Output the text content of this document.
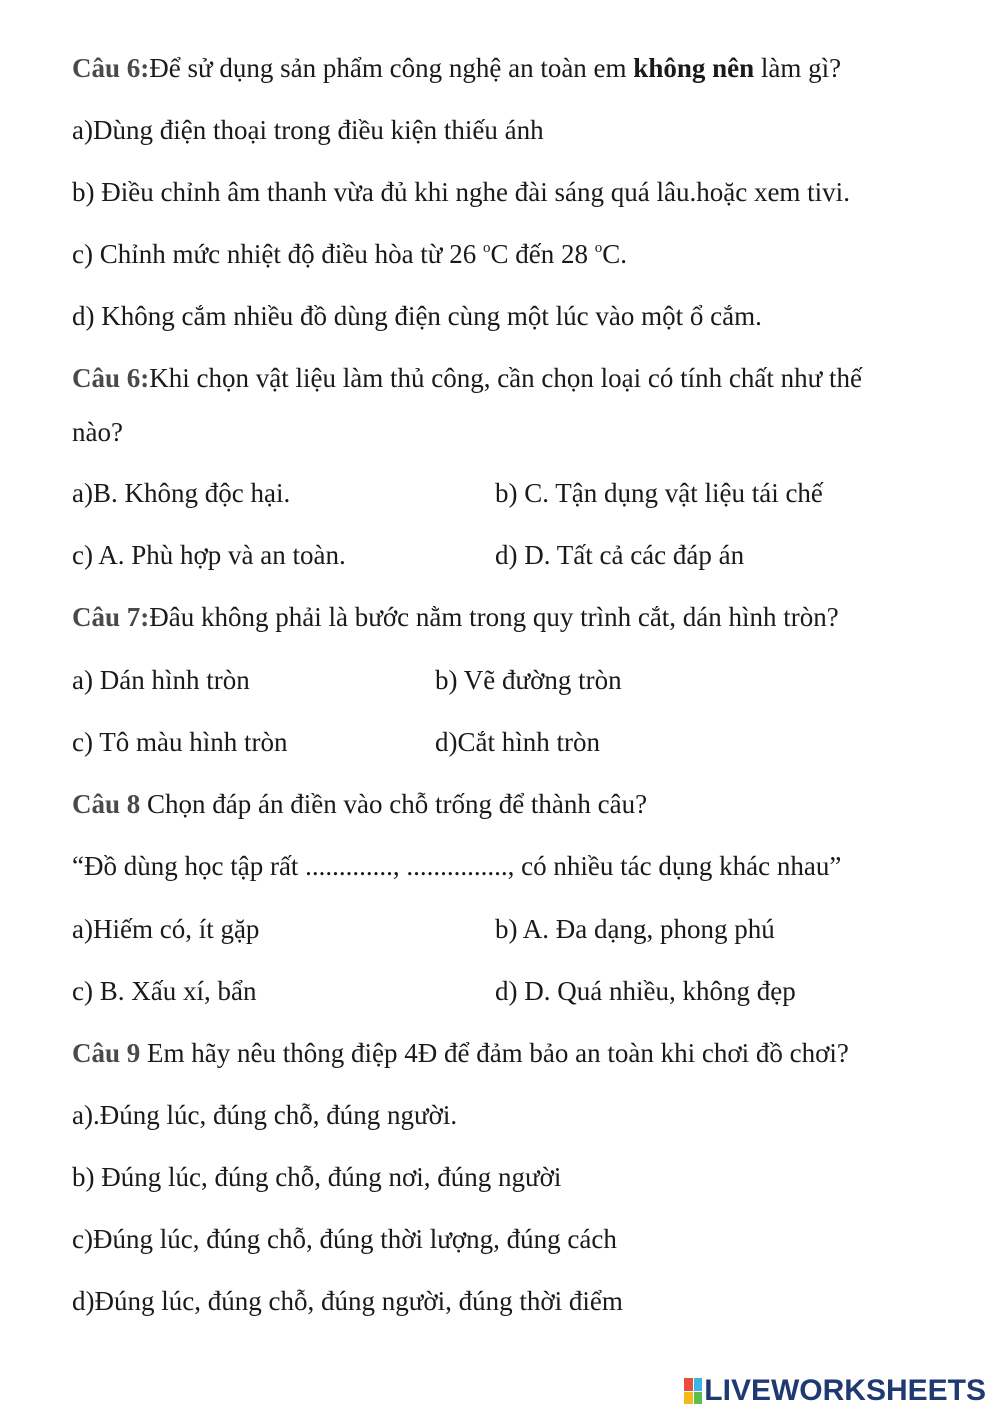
Câu 6:Để sử dụng sản phẩm công nghệ an toàn em không nên làm gì?
a)Dùng điện thoại trong điều kiện thiếu ánh
b) Điều chỉnh âm thanh vừa đủ khi nghe đài sáng quá lâu.hoặc xem tivi.
c) Chỉnh mức nhiệt độ điều hòa từ 26 $^o$C đến 28 $^o$C.
d) Không cắm nhiều đồ dùng điện cùng một lúc vào một ổ cắm.
Câu 6:Khi chọn vật liệu làm thủ công, cần chọn loại có tính chất như thế
nào?
a)B. Không độc hại.	b) C. Tận dụng vật liệu tái chế
c) A. Phù hợp và an toàn.	d) D. Tất cả các đáp án
Câu 7:Đâu không phải là bước nằm trong quy trình cắt, dán hình tròn?
a) Dán hình tròn	b) Vẽ đường tròn
c) Tô màu hình tròn	d)Cắt hình tròn
Câu 8 Chọn đáp án điền vào chỗ trống để thành câu?
“Đồ dùng học tập rất ............., ..............., có nhiều tác dụng khác nhau”
a)Hiếm có, ít gặp	b) A. Đa dạng, phong phú
c) B. Xấu xí, bẩn	d) D. Quá nhiều, không đẹp
Câu 9 Em hãy nêu thông điệp 4Đ để đảm bảo an toàn khi chơi đồ chơi?
a).Đúng lúc, đúng chỗ, đúng người.
b) Đúng lúc, đúng chỗ, đúng nơi, đúng người
c)Đúng lúc, đúng chỗ, đúng thời lượng, đúng cách
d)Đúng lúc, đúng chỗ, đúng người, đúng thời điểm
LIVEWORKSHEETS
